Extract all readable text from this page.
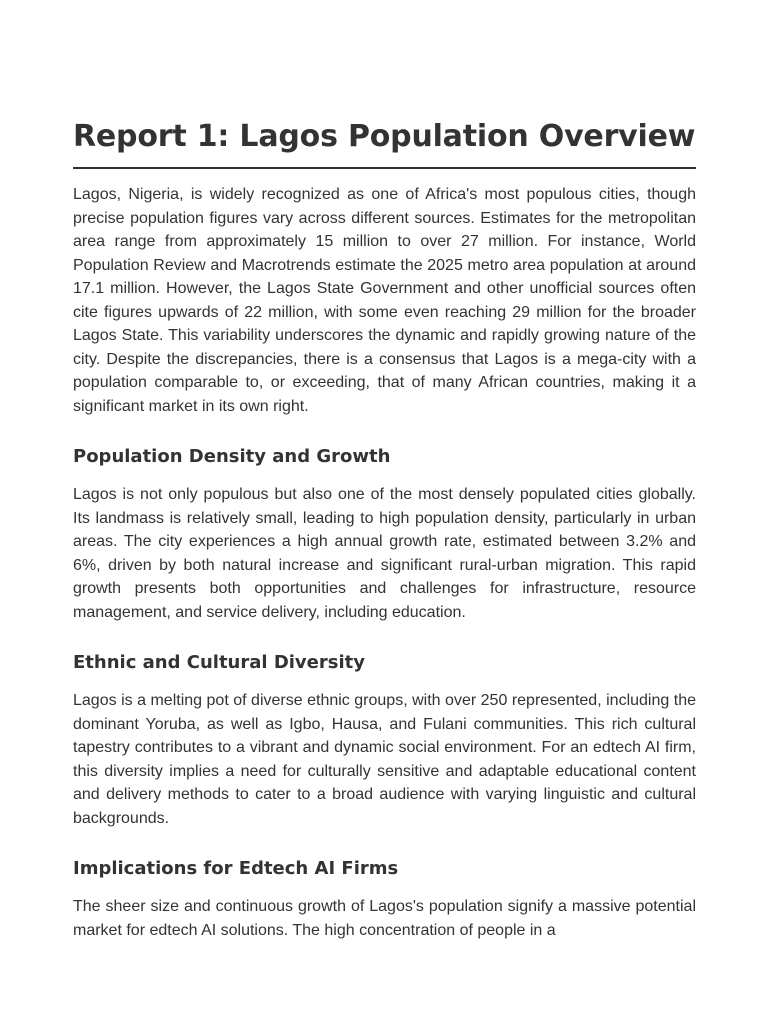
Report 1: Lagos Population Overview

Lagos, Nigeria, is widely recognized as one of Africa's most populous cities, though precise population figures vary across different sources. Estimates for the metropolitan area range from approximately 15 million to over 27 million. For instance, World Population Review and Macrotrends estimate the 2025 metro area population at around 17.1 million. However, the Lagos State Government and other unofficial sources often cite figures upwards of 22 million, with some even reaching 29 million for the broader Lagos State. This variability underscores the dynamic and rapidly growing nature of the city. Despite the discrepancies, there is a consensus that Lagos is a mega-city with a population comparable to, or exceeding, that of many African countries, making it a significant market in its own right.

Population Density and Growth

Lagos is not only populous but also one of the most densely populated cities globally. Its landmass is relatively small, leading to high population density, particularly in urban areas. The city experiences a high annual growth rate, estimated between 3.2% and 6%, driven by both natural increase and significant rural-urban migration. This rapid growth presents both opportunities and challenges for infrastructure, resource management, and service delivery, including education.

Ethnic and Cultural Diversity

Lagos is a melting pot of diverse ethnic groups, with over 250 represented, including the dominant Yoruba, as well as Igbo, Hausa, and Fulani communities. This rich cultural tapestry contributes to a vibrant and dynamic social environment. For an edtech AI firm, this diversity implies a need for culturally sensitive and adaptable educational content and delivery methods to cater to a broad audience with varying linguistic and cultural backgrounds.

Implications for Edtech AI Firms

The sheer size and continuous growth of Lagos's population signify a massive potential market for edtech AI solutions. The high concentration of people in a
